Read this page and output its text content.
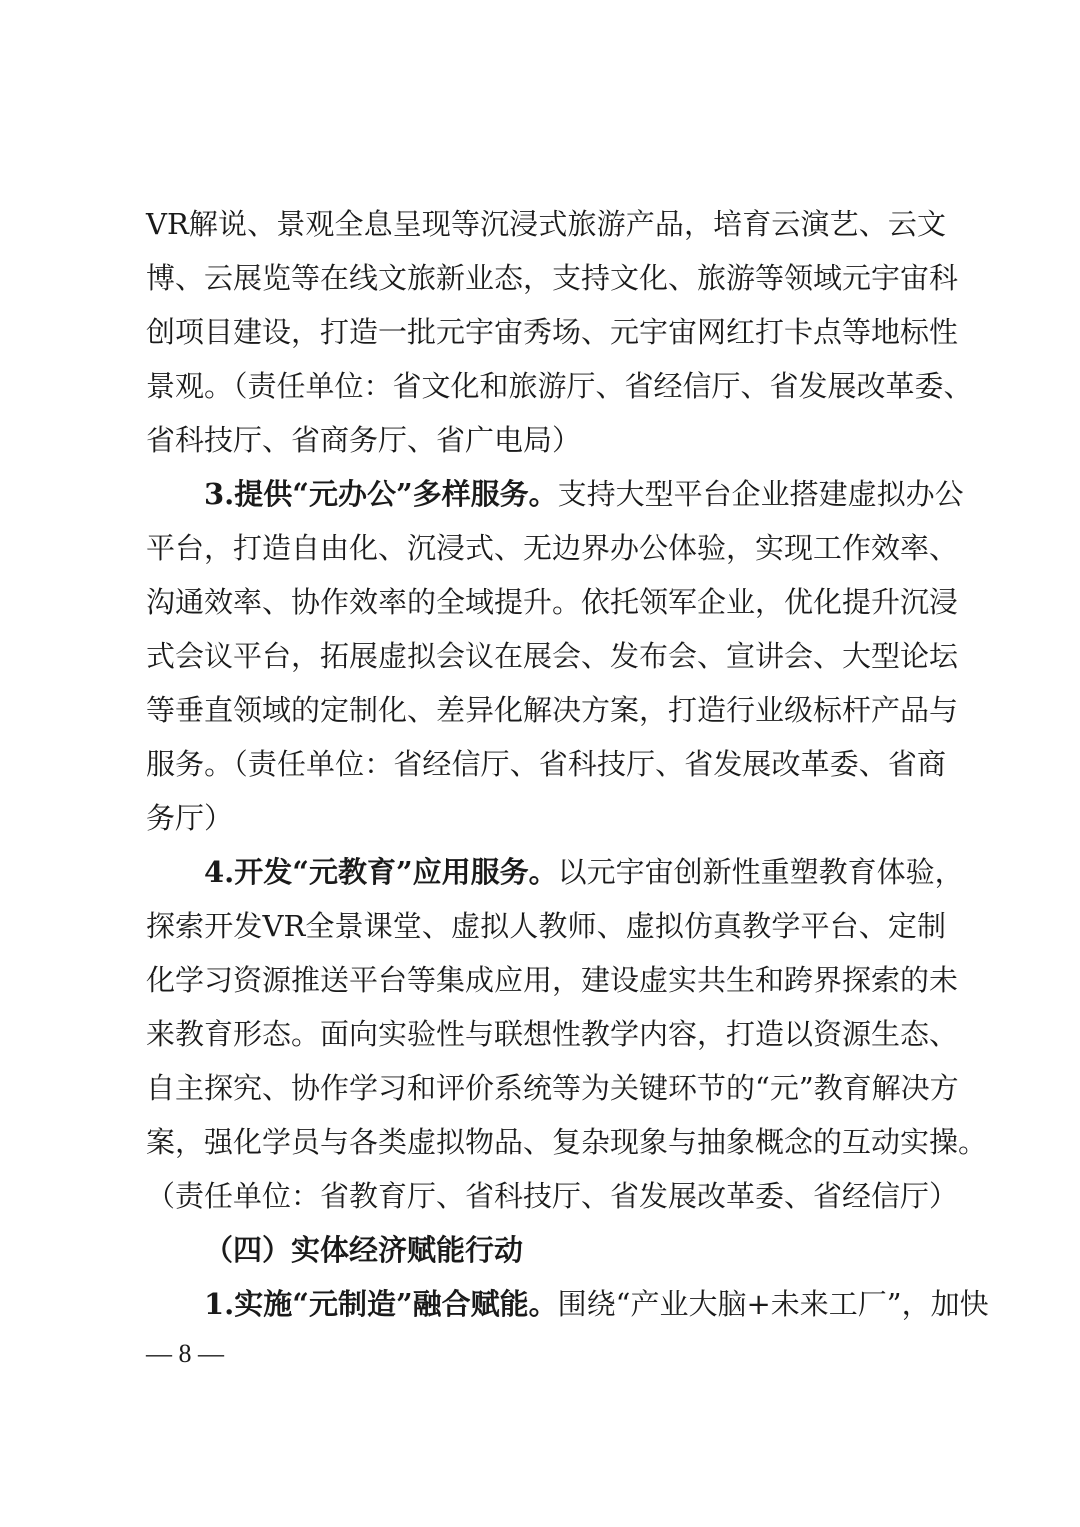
VR解说、景观全息呈现等沉浸式旅游产品，培育云演艺、云文
博、云展览等在线文旅新业态，支持文化、旅游等领域元宇宙科
创项目建设，打造一批元宇宙秀场、元宇宙网红打卡点等地标性
景观。（责任单位：省文化和旅游厅、省经信厅、省发展改革委、
省科技厅、省商务厅、省广电局）
3.提供“元办公”多样服务。支持大型平台企业搭建虚拟办公
平台，打造自由化、沉浸式、无边界办公体验，实现工作效率、
沟通效率、协作效率的全域提升。依托领军企业，优化提升沉浸
式会议平台，拓展虚拟会议在展会、发布会、宣讲会、大型论坛
等垂直领域的定制化、差异化解决方案，打造行业级标杆产品与
服务。（责任单位：省经信厅、省科技厅、省发展改革委、省商
务厅）
4.开发“元教育”应用服务。以元宇宙创新性重塑教育体验，
探索开发VR全景课堂、虚拟人教师、虚拟仿真教学平台、定制
化学习资源推送平台等集成应用，建设虚实共生和跨界探索的未
来教育形态。面向实验性与联想性教学内容，打造以资源生态、
自主探究、协作学习和评价系统等为关键环节的“元”教育解决方
案，强化学员与各类虚拟物品、复杂现象与抽象概念的互动实操。
（责任单位：省教育厅、省科技厅、省发展改革委、省经信厅）
（四）实体经济赋能行动
1.实施“元制造”融合赋能。围绕“产业大脑+未来工厂”，加快
— 8 —
